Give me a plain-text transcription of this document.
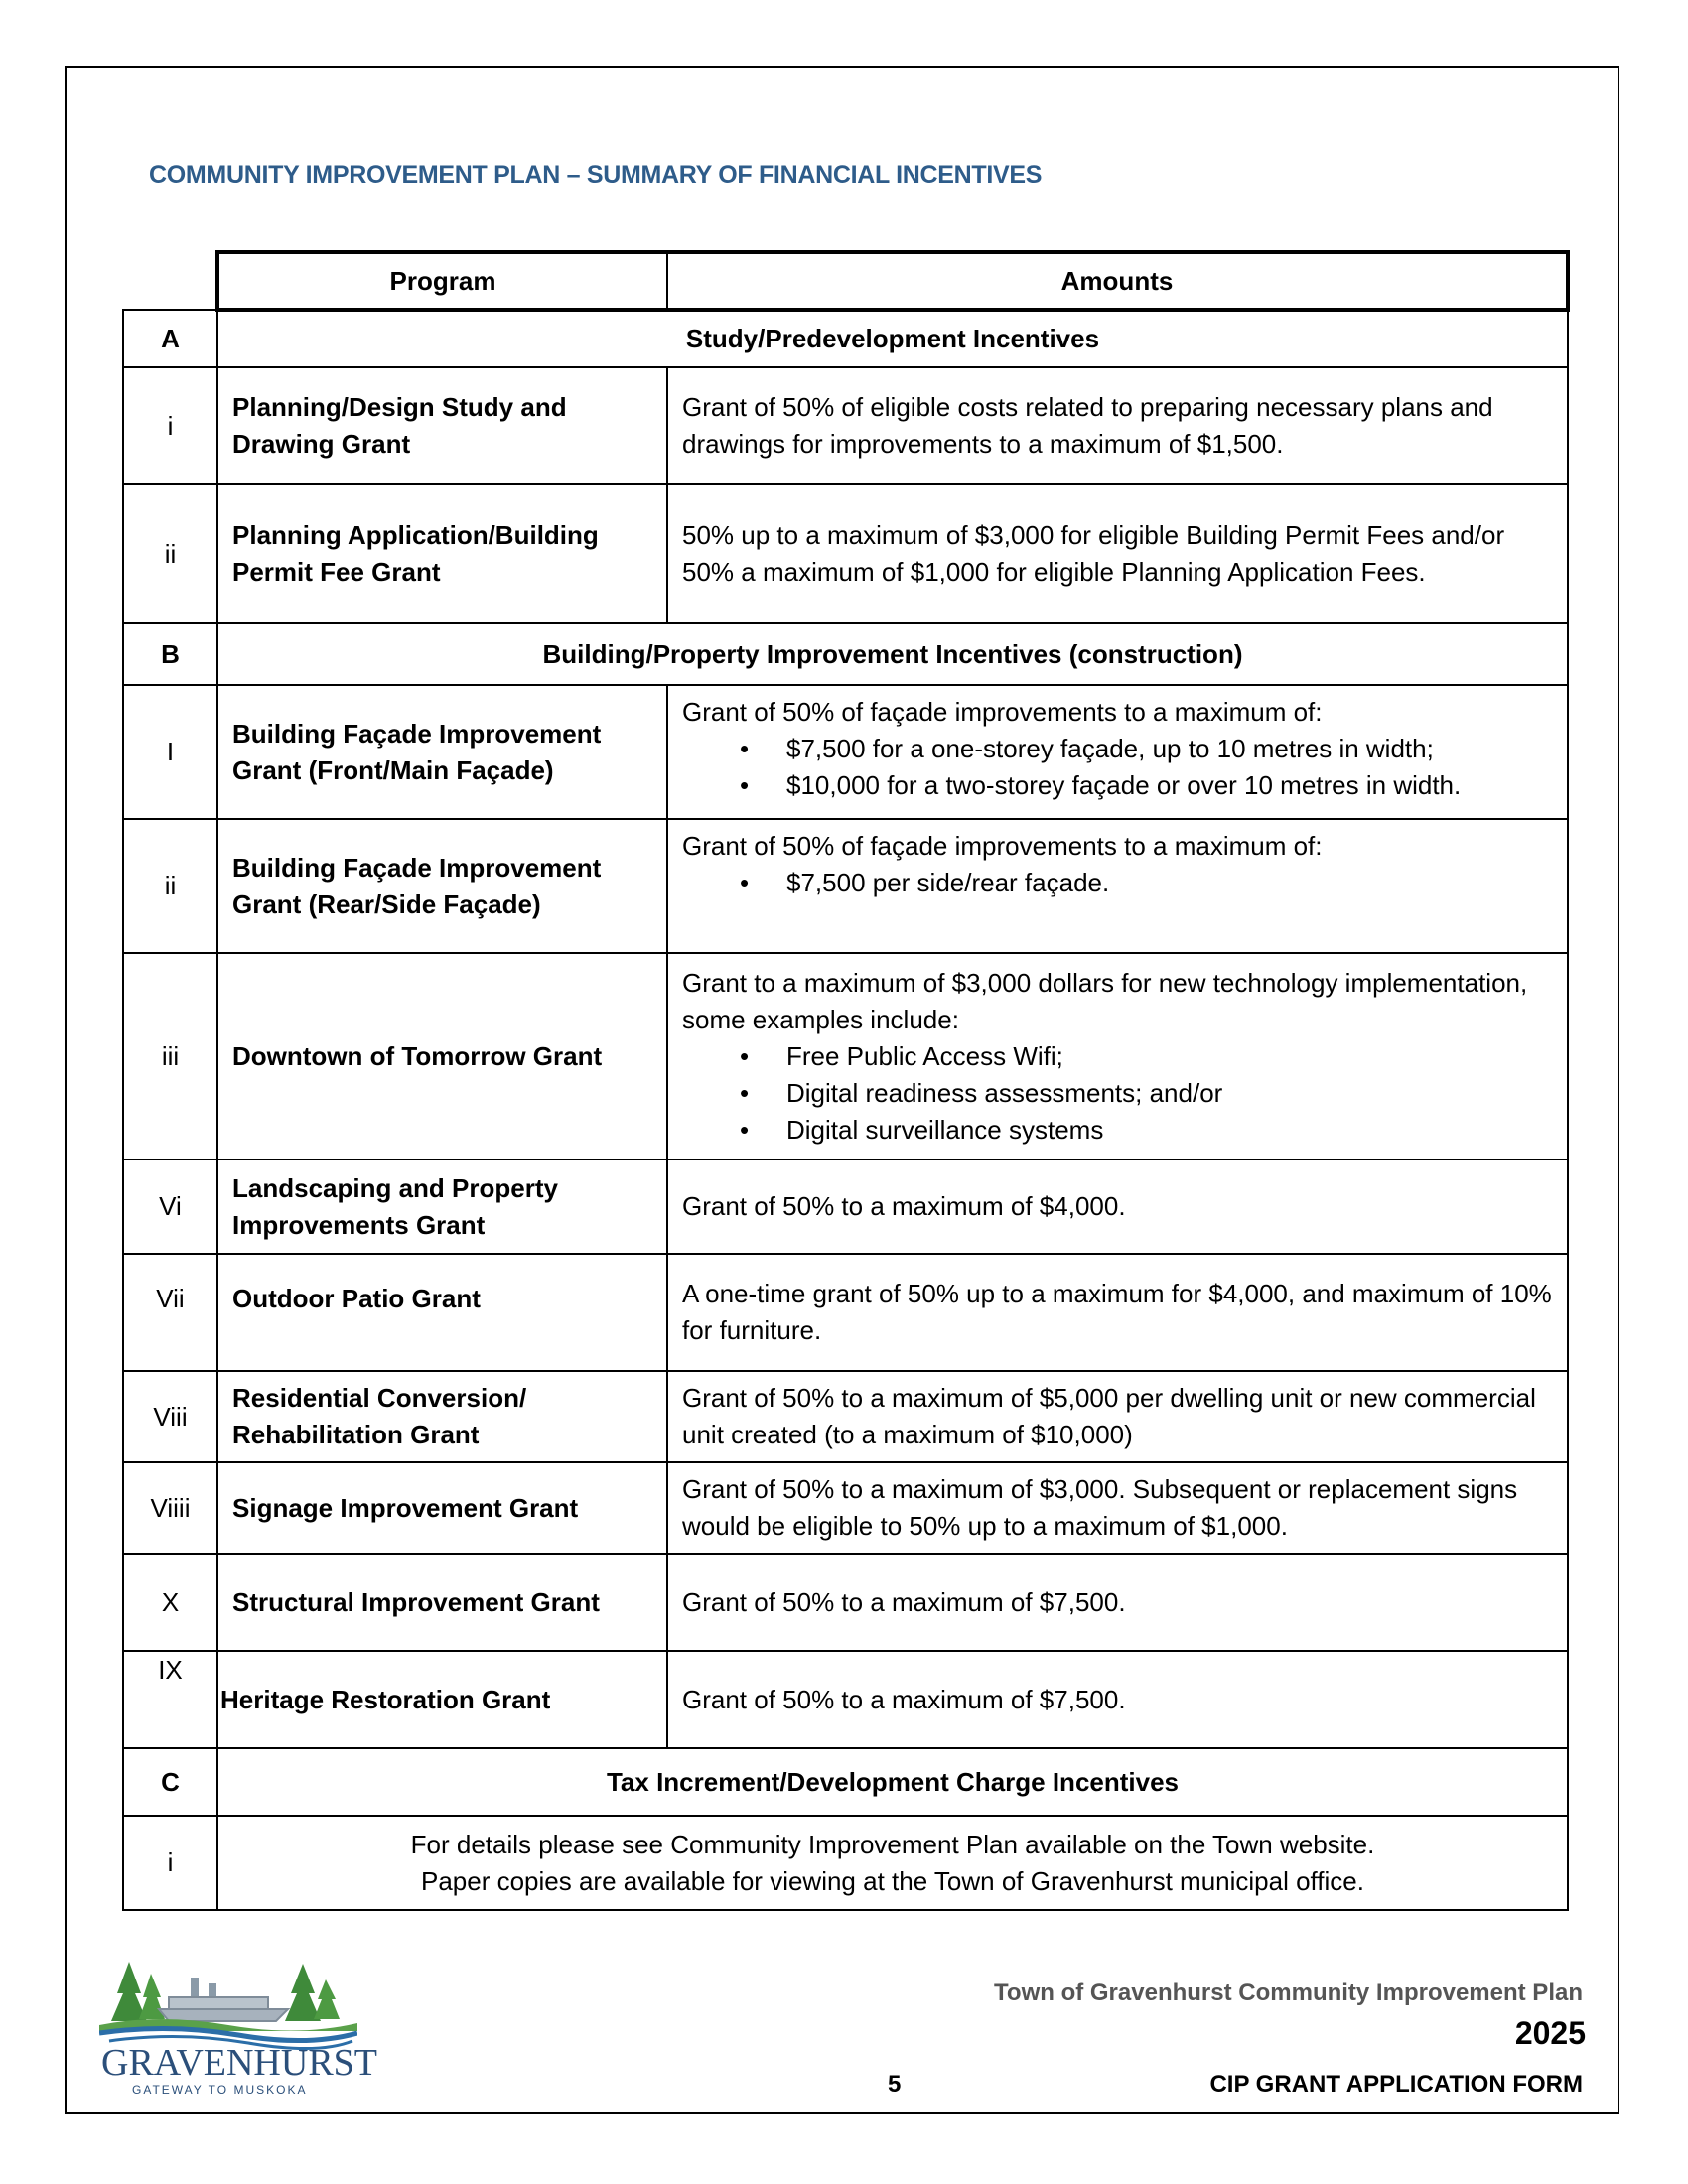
COMMUNITY IMPROVEMENT PLAN – SUMMARY OF FINANCIAL INCENTIVES
	Program	Amounts
A	Study/Predevelopment Incentives	
i	Planning/Design Study and Drawing Grant	Grant of 50% of eligible costs related to preparing necessary plans and drawings for improvements to a maximum of $1,500.
ii	Planning Application/Building Permit Fee Grant	50% up to a maximum of $3,000 for eligible Building Permit Fees and/or 50% a maximum of $1,000 for eligible Planning Application Fees.
B	Building/Property Improvement Incentives (construction)	
I	Building Façade Improvement Grant (Front/Main Façade)	Grant of 50% of façade improvements to a maximum of:
• $7,500 for a one-storey façade, up to 10 metres in width;
• $10,000 for a two-storey façade or over 10 metres in width.

ii	Building Façade Improvement Grant (Rear/Side Façade)	Grant of 50% of façade improvements to a maximum of:
• $7,500 per side/rear façade.

iii	Downtown of Tomorrow Grant	Grant to a maximum of $3,000 dollars for new technology implementation, some examples include:
• Free Public Access Wifi;
• Digital readiness assessments; and/or
• Digital surveillance systems

Vi	Landscaping and Property Improvements Grant	Grant of 50% to a maximum of $4,000.
Vii	Outdoor Patio Grant	A one-time grant of 50% up to a maximum for $4,000, and maximum of 10% for furniture.
Viii	Residential Conversion/ Rehabilitation Grant	Grant of 50% to a maximum of $5,000 per dwelling unit or new commercial unit created (to a maximum of $10,000)
Viiii	Signage Improvement Grant	Grant of 50% to a maximum of $3,000. Subsequent or replacement signs would be eligible to 50% up to a maximum of $1,000.
X	Structural Improvement Grant	Grant of 50% to a maximum of $7,500.
IX	Heritage Restoration Grant	Grant of 50% to a maximum of $7,500.
C	Tax Increment/Development Charge Incentives	
i	For details please see Community Improvement Plan available on the Town website.
Paper copies are available for viewing at the Town of Gravenhurst municipal office.	
GRAVENHURST
GATEWAY TO MUSKOKA
Town of Gravenhurst Community Improvement Plan
2025
5	CIP GRANT APPLICATION FORM
